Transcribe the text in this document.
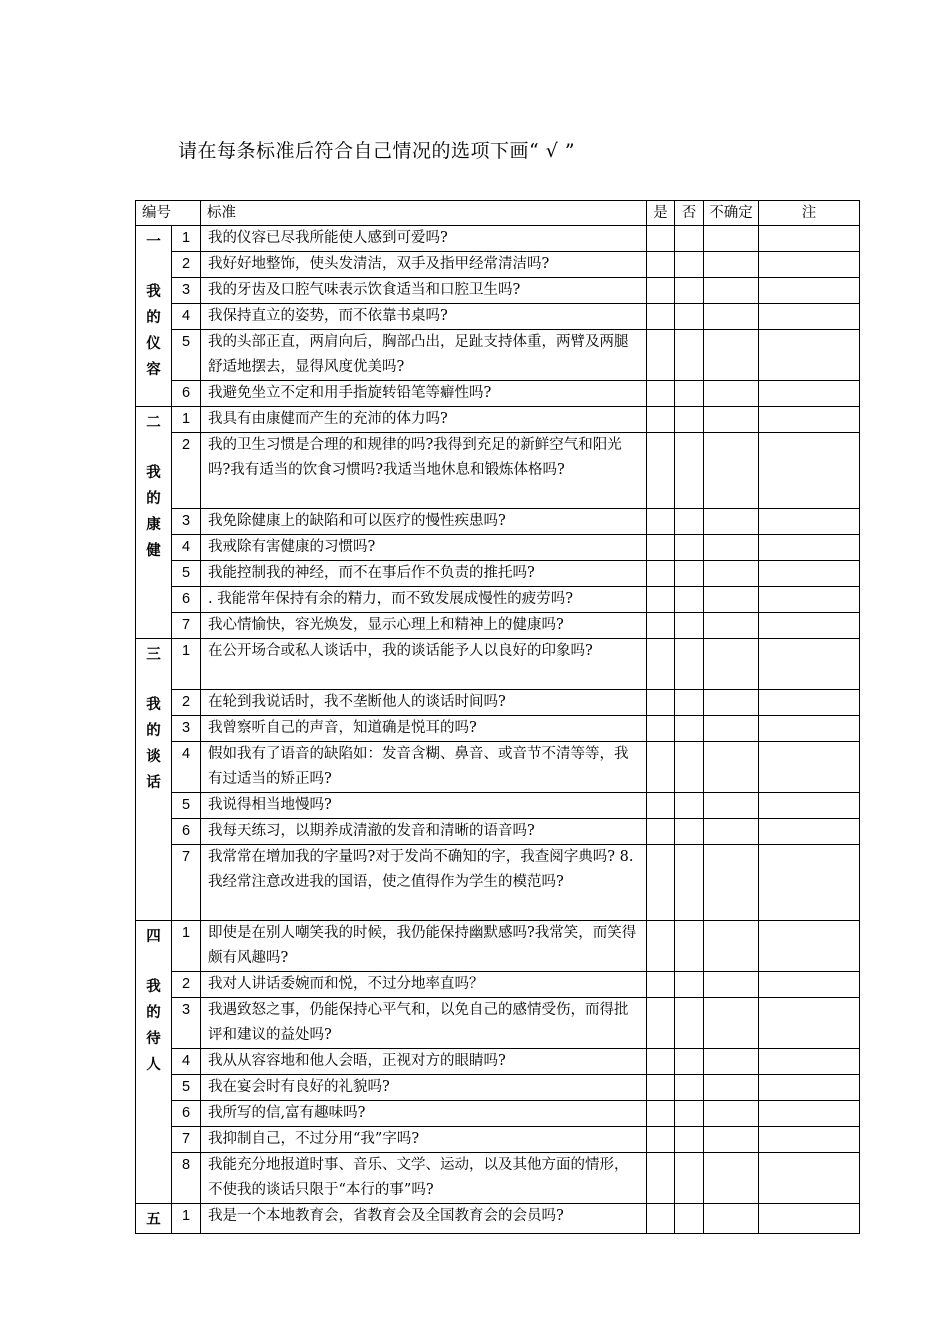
请在每条标准后符合自己情况的选项下画“ √ ”
编号		标准	是	否	不确定	注

一
我
的
仪
容	1	我的仪容已尽我所能使人感到可爱吗?				
	2	我好好地整饰，使头发清洁，双手及指甲经常清洁吗?				
	3	我的牙齿及口腔气味表示饮食适当和口腔卫生吗?				
	4	我保持直立的姿势，而不依靠书桌吗?				
	5	我的头部正直，两肩向后，胸部凸出，足趾支持体重，两臂及两腿舒适地摆去，显得风度优美吗?				
	6	我避免坐立不定和用手指旋转铅笔等癖性吗?				

二
我
的
康
健	1	我具有由康健而产生的充沛的体力吗?				
	2	我的卫生习惯是合理的和规律的吗?我得到充足的新鲜空气和阳光吗?我有适当的饮食习惯吗?我适当地休息和锻炼体格吗?				
	3	我免除健康上的缺陷和可以医疗的慢性疾患吗?				
	4	我戒除有害健康的习惯吗?				
	5	我能控制我的神经，而不在事后作不负责的推托吗?				
	6	. 我能常年保持有余的精力，而不致发展成慢性的疲劳吗?				
	7	我心情愉快，容光焕发，显示心理上和精神上的健康吗?				

三
我
的
谈
话	1	在公开场合或私人谈话中，我的谈话能予人以良好的印象吗?				
	2	在轮到我说话时，我不垄断他人的谈话时间吗?				
	3	我曾察听自己的声音，知道确是悦耳的吗?				
	4	假如我有了语音的缺陷如：发音含糊、鼻音、或音节不清等等，我有过适当的矫正吗?				
	5	我说得相当地慢吗?				
	6	我每天练习，以期养成清澈的发音和清晰的语音吗?				
	7	我常常在增加我的字量吗?对于发尚不确知的字，我查阅字典吗? 8. 我经常注意改进我的国语，使之值得作为学生的模范吗?				

四
我
的
待
人	1	即使是在别人嘲笑我的时候，我仍能保持幽默感吗?我常笑，而笑得颇有风趣吗?				
	2	我对人讲话委婉而和悦，不过分地率直吗？				
	3	我遇致怒之事，仍能保持心平气和，以免自己的感情受伤，而得批评和建议的益处吗?				
	4	我从从容容地和他人会晤，正视对方的眼睛吗?				
	5	我在宴会时有良好的礼貌吗?				
	6	我所写的信,富有趣味吗?				
	7	我抑制自己，不过分用“我”字吗?				
	8	我能充分地报道时事、音乐、文学、运动，以及其他方面的情形，不使我的谈话只限于“本行的事”吗?				

五	1	我是一个本地教育会，省教育会及全国教育会的会员吗?				
